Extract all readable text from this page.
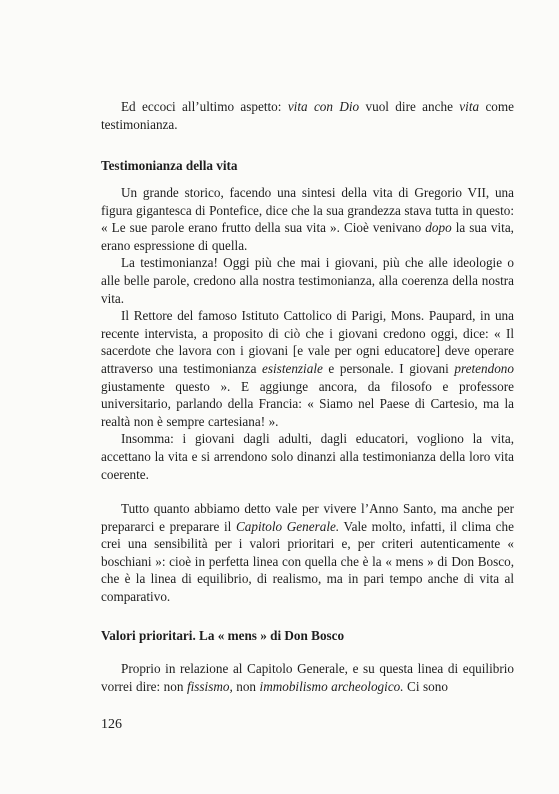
Ed eccoci all’ultimo aspetto: vita con Dio vuol dire anche vita come testimonianza.

Testimonianza della vita

Un grande storico, facendo una sintesi della vita di Gregorio VII, una figura gigantesca di Pontefice, dice che la sua grandezza stava tutta in questo: « Le sue parole erano frutto della sua vita ». Cioè venivano dopo la sua vita, erano espressione di quella.

La testimonianza! Oggi più che mai i giovani, più che alle ideologie o alle belle parole, credono alla nostra testimonianza, alla coerenza della nostra vita.

Il Rettore del famoso Istituto Cattolico di Parigi, Mons. Paupard, in una recente intervista, a proposito di ciò che i giovani credono oggi, dice: « Il sacerdote che lavora con i giovani [e vale per ogni educatore] deve operare attraverso una testimonianza esistenziale e personale. I giovani pretendono giustamente questo ». E aggiunge ancora, da filosofo e professore universitario, parlando della Francia: « Siamo nel Paese di Cartesio, ma la realtà non è sempre cartesiana! ».

Insomma: i giovani dagli adulti, dagli educatori, vogliono la vita, accettano la vita e si arrendono solo dinanzi alla testimonianza della loro vita coerente.

Tutto quanto abbiamo detto vale per vivere l’Anno Santo, ma anche per prepararci e preparare il Capitolo Generale. Vale molto, infatti, il clima che crei una sensibilità per i valori prioritari e, per criteri autenticamente « boschiani »: cioè in perfetta linea con quella che è la « mens » di Don Bosco, che è la linea di equilibrio, di realismo, ma in pari tempo anche di vita al comparativo.

Valori prioritari. La « mens » di Don Bosco

Proprio in relazione al Capitolo Generale, e su questa linea di equilibrio vorrei dire: non fissismo, non immobilismo archeologico. Ci sono

126
